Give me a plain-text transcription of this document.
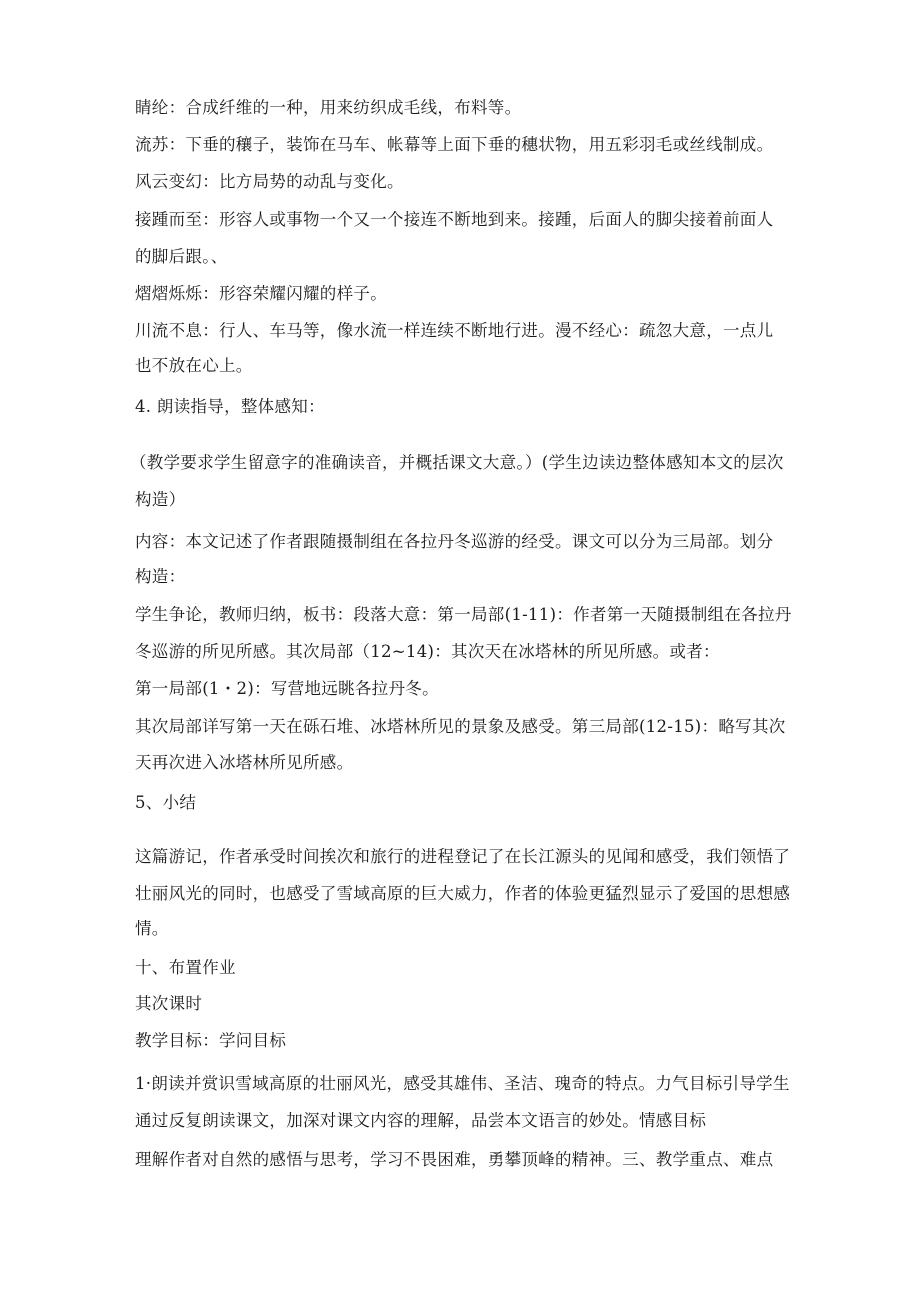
睛纶：合成纤维的一种，用来纺织成毛线，布料等。
流苏：下垂的穰子，装饰在马车、帐幕等上面下垂的穗状物，用五彩羽毛或丝线制成。
风云变幻：比方局势的动乱与变化。
接踵而至：形容人或事物一个又一个接连不断地到来。接踵，后面人的脚尖接着前面人
的脚后跟。、
熠熠烁烁：形容荣耀闪耀的样子。
川流不息：行人、车马等，像水流一样连续不断地行进。漫不经心：疏忽大意，一点儿
也不放在心上。
4. 朗读指导，整体感知：
（教学要求学生留意字的准确读音，并概括课文大意。）(学生边读边整体感知本文的层次
构造）
内容：本文记述了作者跟随摄制组在各拉丹冬巡游的经受。课文可以分为三局部。划分
构造：
学生争论，教师归纳，板书：段落大意：第一局部(1-11)：作者第一天随摄制组在各拉丹
冬巡游的所见所感。其次局部（12~14)：其次天在冰塔林的所见所感。或者：
第一局部(1・2)：写营地远眺各拉丹冬。
其次局部详写第一天在砾石堆、冰塔林所见的景象及感受。第三局部(12-15)：略写其次
天再次进入冰塔林所见所感。
5、小结
这篇游记，作者承受时间挨次和旅行的进程登记了在长江源头的见闻和感受，我们领悟了
壮丽风光的同时，也感受了雪域高原的巨大威力，作者的体验更猛烈显示了爱国的思想感
情。
十、布置作业
其次课时
教学目标：学问目标
1·朗读并赏识雪域高原的壮丽风光，感受其雄伟、圣洁、瑰奇的特点。力气目标引导学生
通过反复朗读课文，加深对课文内容的理解，品尝本文语言的妙处。情感目标
理解作者对自然的感悟与思考，学习不畏困难，勇攀顶峰的精神。三、教学重点、难点
